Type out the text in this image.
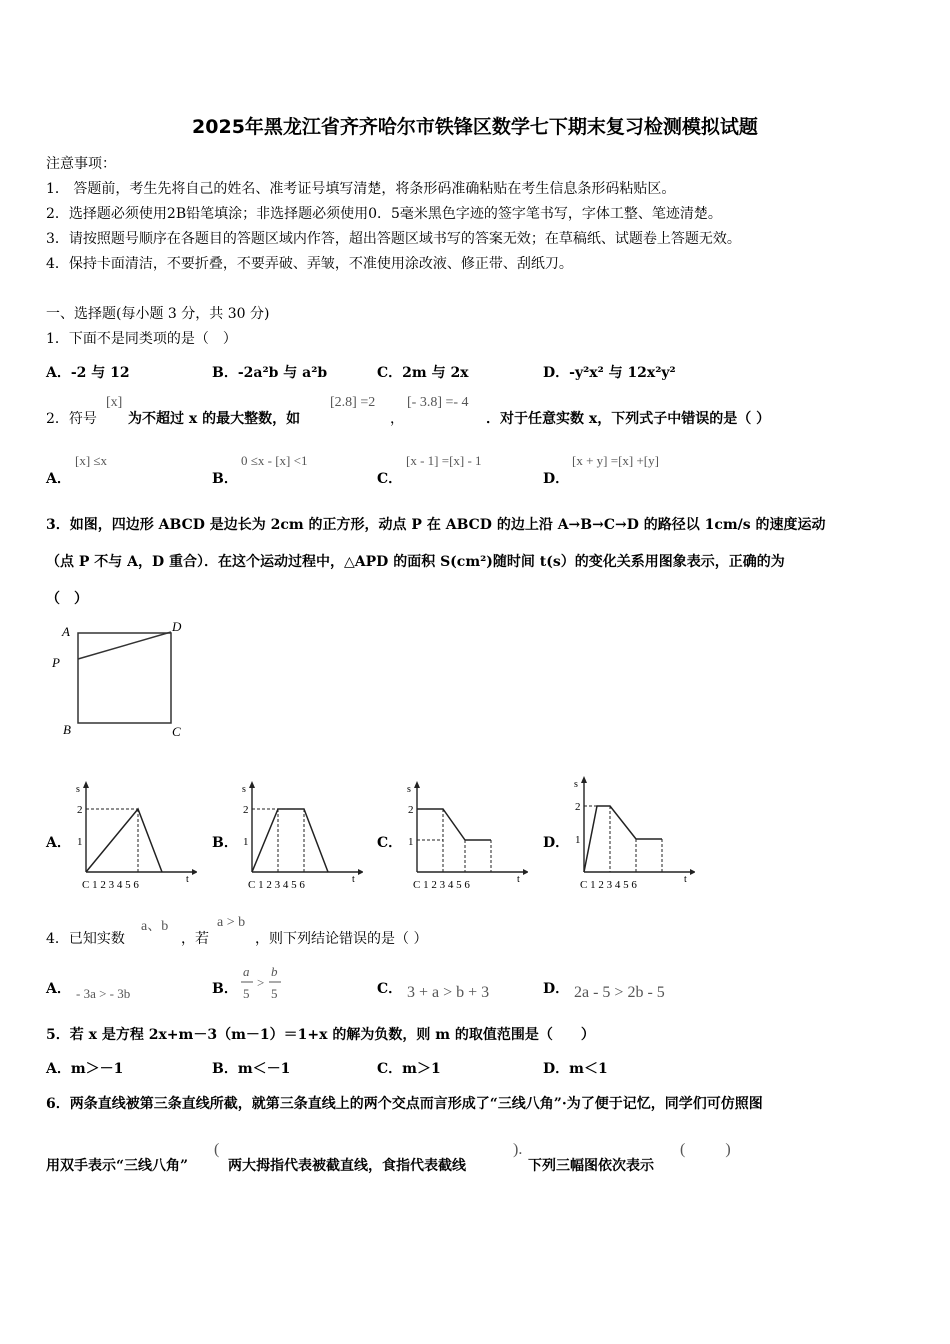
2025年黑龙江省齐齐哈尔市铁锋区数学七下期末复习检测模拟试题
注意事项：
1． 答题前，考生先将自己的姓名、准考证号填写清楚，将条形码准确粘贴在考生信息条形码粘贴区。
2．选择题必须使用2B铅笔填涂；非选择题必须使用0．5毫米黑色字迹的签字笔书写，字体工整、笔迹清楚。
3．请按照题号顺序在各题目的答题区域内作答，超出答题区域书写的答案无效；在草稿纸、试题卷上答题无效。
4．保持卡面清洁，不要折叠，不要弄破、弄皱，不准使用涂改液、修正带、刮纸刀。
一、选择题(每小题 3 分，共 30 分)
1．下面不是同类项的是（　）
A．-2 与 12	B．-2a²b 与 a²b	C．2m 与 2x	D．-y²x² 与 12x²y²
2．符号
[x]
为不超过 x 的最大整数，如
[2.8] =2
，
[- 3.8] =- 4
．对于任意实数 x，下列式子中错误的是（ ）
A．
[x] ≤x
B．
0 ≤x - [x] <1
C．
[x - 1] =[x] - 1
D．
[x + y] =[x] +[y]
3．如图，四边形 ABCD 是边长为 2cm 的正方形，动点 P 在 ABCD 的边上沿 A→B→C→D 的路径以 1cm/s 的速度运动
（点 P 不与 A，D 重合）．在这个运动过程中，△APD 的面积 S(cm²)随时间 t(s）的变化关系用图象表示，正确的为
（　）
A	D
P
B	C
A．	B．	C．	D．
s
t
2
1
C 1 2 3 4 5 6
s
t
2
1
C 1 2 3 4 5 6
s
t
2
1
C 1 2 3 4 5 6
s
t
2
1
C 1 2 3 4 5 6
4．已知实数
a、b
，若
a > b
，则下列结论错误的是（ ）
A． - 3a > - 3b	B．
a
5
>
b
5	C． 3 + a > b + 3	D． 2a - 5 > 2b - 5
5．若 x 是方程 2x+m－3（m－1）＝1+x 的解为负数，则 m 的取值范围是（　　）
A．m＞－1	B．m＜－1	C．m＞1	D．m＜1
6．两条直线被第三条直线所截，就第三条直线上的两个交点而言形成了“三线八角”·为了便于记忆，同学们可仿照图
用双手表示“三线八角”
(
两大拇指代表被截直线，食指代表截线
).
下列三幅图依次表示
(          )
